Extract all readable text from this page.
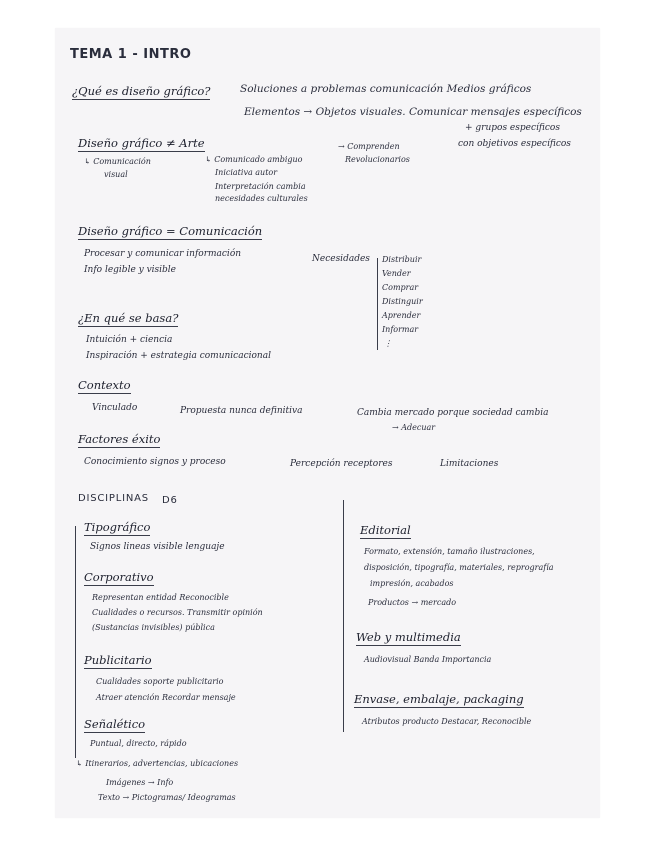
TEMA 1 - INTRO
¿Qué es diseño gráfico?	Soluciones a problemas comunicación Medios gráficos
Elementos → Objetos visuales. Comunicar mensajes específicos
+ grupos específicos
con objetivos específicos
Diseño gráfico ≠ Arte
↳ Comunicación
visual
↳ Comunicado ambiguo
Iniciativa autor
Interpretación cambia
necesidades culturales
→ Comprenden
Revolucionarios
Diseño gráfico = Comunicación
Procesar y comunicar información
Info legible y visible
Necesidades Distribuir
Vender
Comprar
Distinguir
Aprender
Informar
⋮
¿En qué se basa?
Intuición + ciencia
Inspiración + estrategia comunicacional
Contexto
Vinculado	Propuesta nunca definitiva	Cambia mercado porque sociedad cambia
→ Adecuar
Factores éxito
Conocimiento signos y proceso	Percepción receptores	Limitaciones
DISCIPLINAS D6
Tipográfico
Signos lineas visible lenguaje
Corporativo
Representan entidad Reconocible
Cualidades o recursos. Transmitir opinión
(Sustancias invisibles) pública
Publicitario
Cualidades soporte publicitario
Atraer atención Recordar mensaje
Señalético
Puntual, directo, rápido
↳ Itinerarios, advertencias, ubicaciones
Imágenes → Info
Texto → Pictogramas/ Ideogramas
Editorial
Formato, extensión, tamaño ilustraciones,
disposición, tipografía, materiales, reprografía
impresión, acabados
Productos → mercado
Web y multimedia
Audiovisual Banda Importancia
Envase, embalaje, packaging
Atributos producto Destacar, Reconocible
